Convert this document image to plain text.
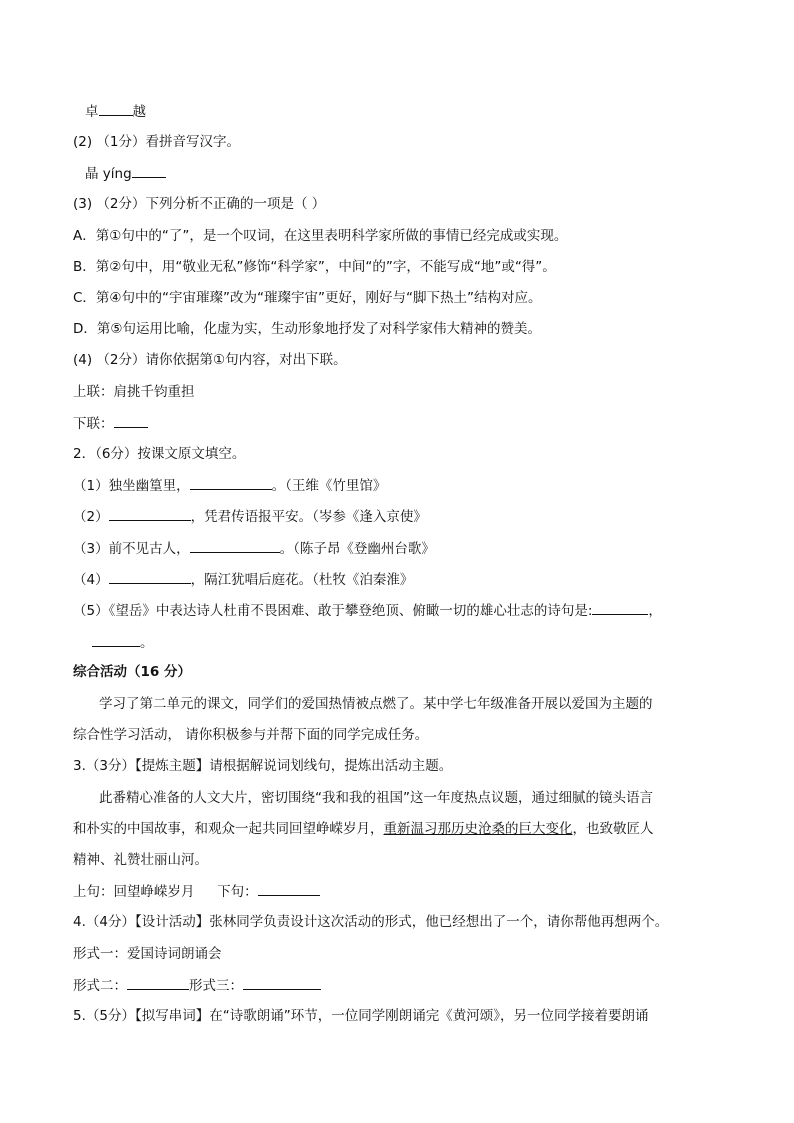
卓	越
(2) （1分）看拼音写汉字。
晶 yíng
(3) （2分）下列分析不正确的一项是（ ）
A．第①句中的“了”，是一个叹词，在这里表明科学家所做的事情已经完成或实现。
B．第②句中，用“敬业无私”修饰“科学家”，中间“的”字，不能写成“地”或“得”。
C．第④句中的“宇宙璀璨”改为“璀璨宇宙”更好，刚好与“脚下热土”结构对应。
D．第⑤句运用比喻，化虚为实，生动形象地抒发了对科学家伟大精神的赞美。
(4) （2分）请你依据第①句内容，对出下联。
上联：肩挑千钧重担
下联：
2．（6分）按课文原文填空。
（1）独坐幽篁里，	。（王维《竹里馆》
（2）	，凭君传语报平安。（岑参《逢入京使》
（3）前不见古人，	。（陈子昂《登幽州台歌》
（4）	，隔江犹唱后庭花。（杜牧《泊秦淮》
（5）《望岳》中表达诗人杜甫不畏困难、敢于攀登绝顶、俯瞰一切的雄心壮志的诗句是:	，
。
综合活动（16 分）
学习了第二单元的课文，同学们的爱国热情被点燃了。某中学七年级准备开展以爱国为主题的
综合性学习活动， 请你积极参与并帮下面的同学完成任务。
3.（3分）【提炼主题】请根据解说词划线句，提炼出活动主题。
此番精心准备的人文大片，密切围绕“我和我的祖国”这一年度热点议题，通过细腻的镜头语言
和朴实的中国故事，和观众一起共同回望峥嵘岁月，重新温习那历史沧桑的巨大变化，也致敬匠人
精神、礼赞壮丽山河。
上句：回望峥嵘岁月 下句：
4.（4分）【设计活动】张林同学负责设计这次活动的形式，他已经想出了一个，请你帮他再想两个。
形式一：爱国诗词朗诵会
形式二：	形式三：
5.（5分）【拟写串词】在“诗歌朗诵”环节，一位同学刚朗诵完《黄河颂》，另一位同学接着要朗诵
